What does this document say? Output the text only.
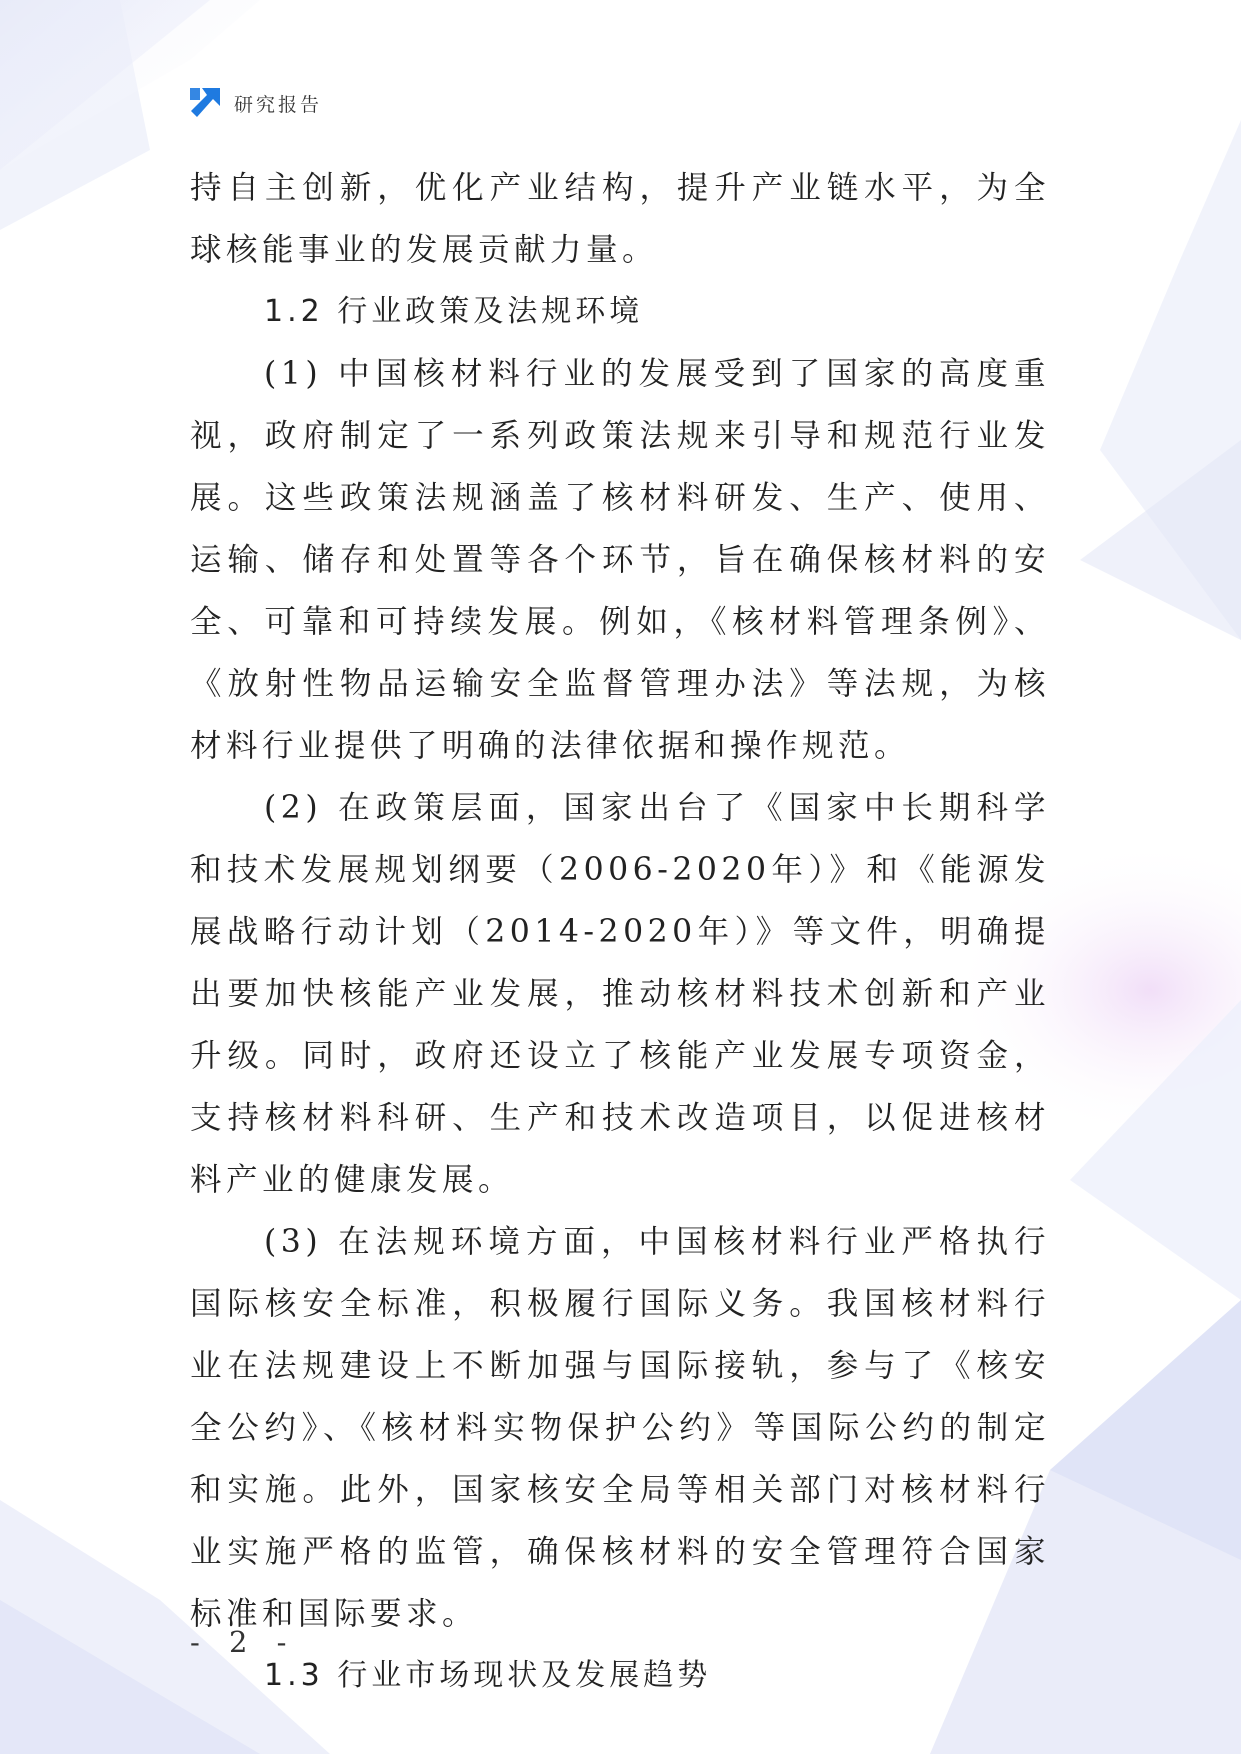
研究报告

持自主创新，优化产业结构，提升产业链水平，为全球核能事业的发展贡献力量。

1.2 行业政策及法规环境

(1) 中国核材料行业的发展受到了国家的高度重视，政府制定了一系列政策法规来引导和规范行业发展。这些政策法规涵盖了核材料研发、生产、使用、运输、储存和处置等各个环节，旨在确保核材料的安全、可靠和可持续发展。例如，《核材料管理条例》、《放射性物品运输安全监督管理办法》等法规，为核材料行业提供了明确的法律依据和操作规范。

(2) 在政策层面，国家出台了《国家中长期科学和技术发展规划纲要（2006-2020年）》和《能源发展战略行动计划（2014-2020年）》等文件，明确提出要加快核能产业发展，推动核材料技术创新和产业升级。同时，政府还设立了核能产业发展专项资金，支持核材料科研、生产和技术改造项目，以促进核材料产业的健康发展。

(3) 在法规环境方面，中国核材料行业严格执行国际核安全标准，积极履行国际义务。我国核材料行业在法规建设上不断加强与国际接轨，参与了《核安全公约》、《核材料实物保护公约》等国际公约的制定和实施。此外，国家核安全局等相关部门对核材料行业实施严格的监管，确保核材料的安全管理符合国家标准和国际要求。

1.3 行业市场现状及发展趋势

- 2 -
